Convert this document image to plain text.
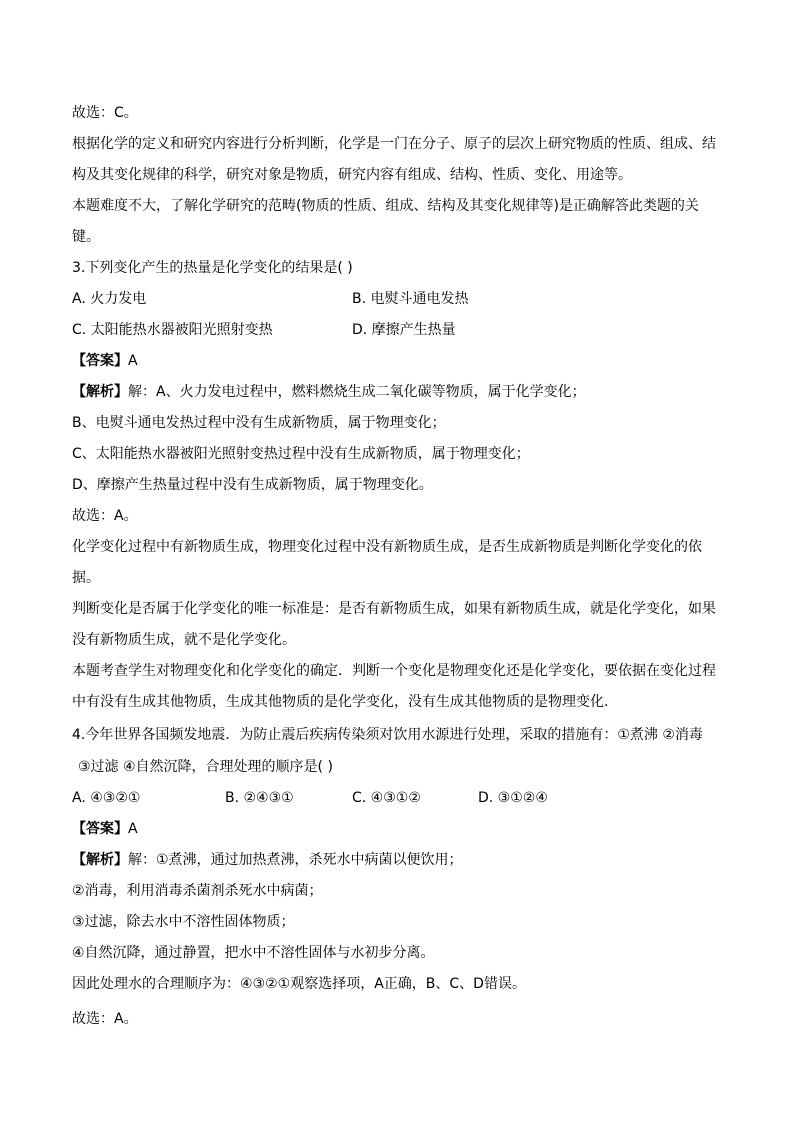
故选：C。
根据化学的定义和研究内容进行分析判断，化学是一门在分子、原子的层次上研究物质的性质、组成、结
构及其变化规律的科学，研究对象是物质，研究内容有组成、结构、性质、变化、用途等。
本题难度不大，了解化学研究的范畴(物质的性质、组成、结构及其变化规律等)是正确解答此类题的关
键。
3.下列变化产生的热量是化学变化的结果是( )
A. 火力发电	B. 电熨斗通电发热
C. 太阳能热水器被阳光照射变热	D. 摩擦产生热量
【答案】A
【解析】解：A、火力发电过程中，燃料燃烧生成二氧化碳等物质，属于化学变化；
B、电熨斗通电发热过程中没有生成新物质，属于物理变化；
C、太阳能热水器被阳光照射变热过程中没有生成新物质，属于物理变化；
D、摩擦产生热量过程中没有生成新物质，属于物理变化。
故选：A。
化学变化过程中有新物质生成，物理变化过程中没有新物质生成，是否生成新物质是判断化学变化的依
据。
判断变化是否属于化学变化的唯一标准是：是否有新物质生成，如果有新物质生成，就是化学变化，如果
没有新物质生成，就不是化学变化。
本题考查学生对物理变化和化学变化的确定．判断一个变化是物理变化还是化学变化，要依据在变化过程
中有没有生成其他物质，生成其他物质的是化学变化，没有生成其他物质的是物理变化．
4.今年世界各国频发地震．为防止震后疾病传染须对饮用水源进行处理，采取的措施有：①煮沸 ②消毒
③过滤 ④自然沉降，合理处理的顺序是( )
A. ④③②①	B. ②④③①	C. ④③①②	D. ③①②④
【答案】A
【解析】解：①煮沸，通过加热煮沸，杀死水中病菌以便饮用；
②消毒，利用消毒杀菌剂杀死水中病菌；
③过滤，除去水中不溶性固体物质；
④自然沉降，通过静置，把水中不溶性固体与水初步分离。
因此处理水的合理顺序为：④③②①观察选择项，A正确，B、C、D错误。
故选：A。
